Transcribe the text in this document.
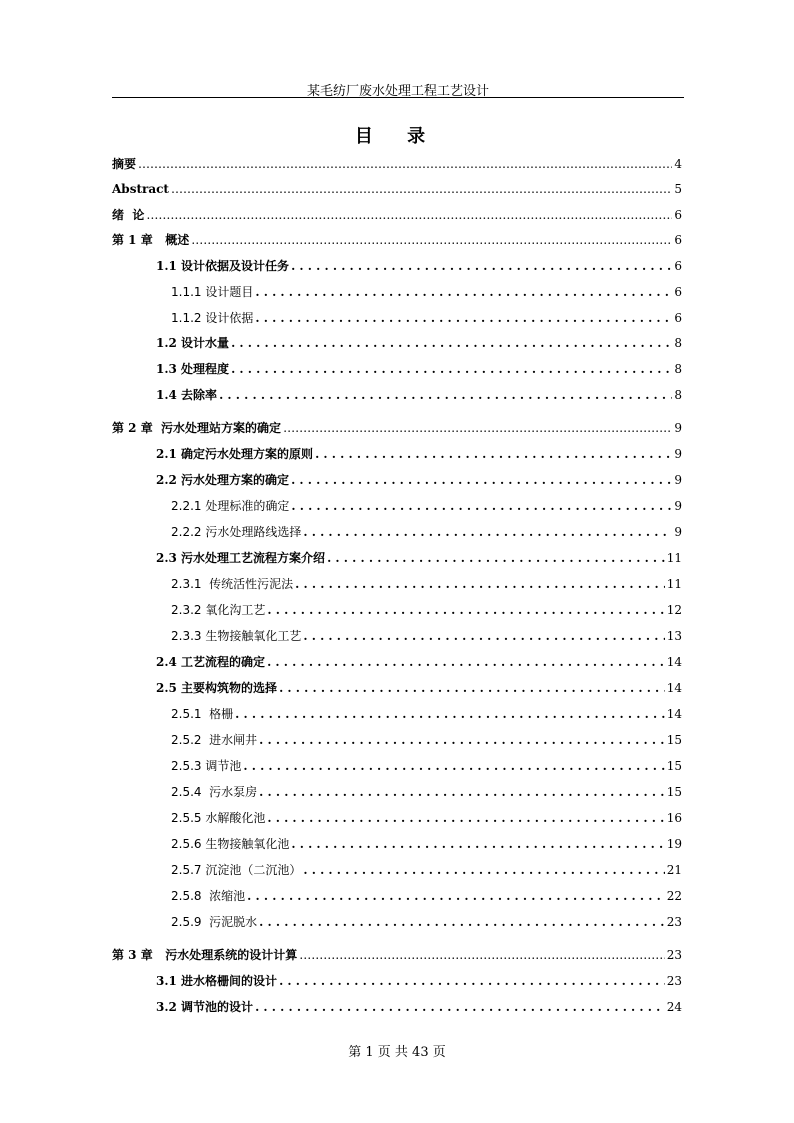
某毛纺厂废水处理工程工艺设计
目 录
摘要 …………………………………………………………………………………………………………………………………………………………………………………………………………………………………………………	4
Abstract …………………………………………………………………………………………………………………………………………………………………………………………………………………………………………………	5
绪  论 …………………………………………………………………………………………………………………………………………………………………………………………………………………………………………………	6
第 1 章   概述 …………………………………………………………………………………………………………………………………………………………………………………………………………………………………………………	6
1.1 设计依据及设计任务 . . .	6
1.1.1 设计题目 . . .	6
1.1.2 设计依据 . . .	6
1.2 设计水量 . . .	8
1.3 处理程度 . . .	8
1.4 去除率 . . .	8
第 2 章  污水处理站方案的确定 …………………………………………………………………………………………………………………………………………………………………………………………………………………………………………………	9
2.1 确定污水处理方案的原则 . . .	9
2.2 污水处理方案的确定 . . .	9
2.2.1 处理标准的确定 . . .	9
2.2.2 污水处理路线选择 . . .	9
2.3 污水处理工艺流程方案介绍 . . .	11
2.3.1  传统活性污泥法 . . .	11
2.3.2 氧化沟工艺 . . .	12
2.3.3 生物接触氧化工艺 . . .	13
2.4 工艺流程的确定 . . .	14
2.5 主要构筑物的选择 . . .	14
2.5.1  格栅 . . .	14
2.5.2  进水闸井 . . .	15
2.5.3 调节池 . . .	15
2.5.4  污水泵房 . . .	15
2.5.5 水解酸化池 . . .	16
2.5.6 生物接触氧化池 . . .	19
2.5.7 沉淀池（二沉池） . . .	21
2.5.8  浓缩池 . . .	22
2.5.9  污泥脱水 . . .	23
第 3 章   污水处理系统的设计计算 …………………………………………………………………………………………………………………………………………………………………………………………………………………………………………………	23
3.1 进水格栅间的设计 . . .	23
3.2 调节池的设计 . . .	24
第 1 页 共 43 页
